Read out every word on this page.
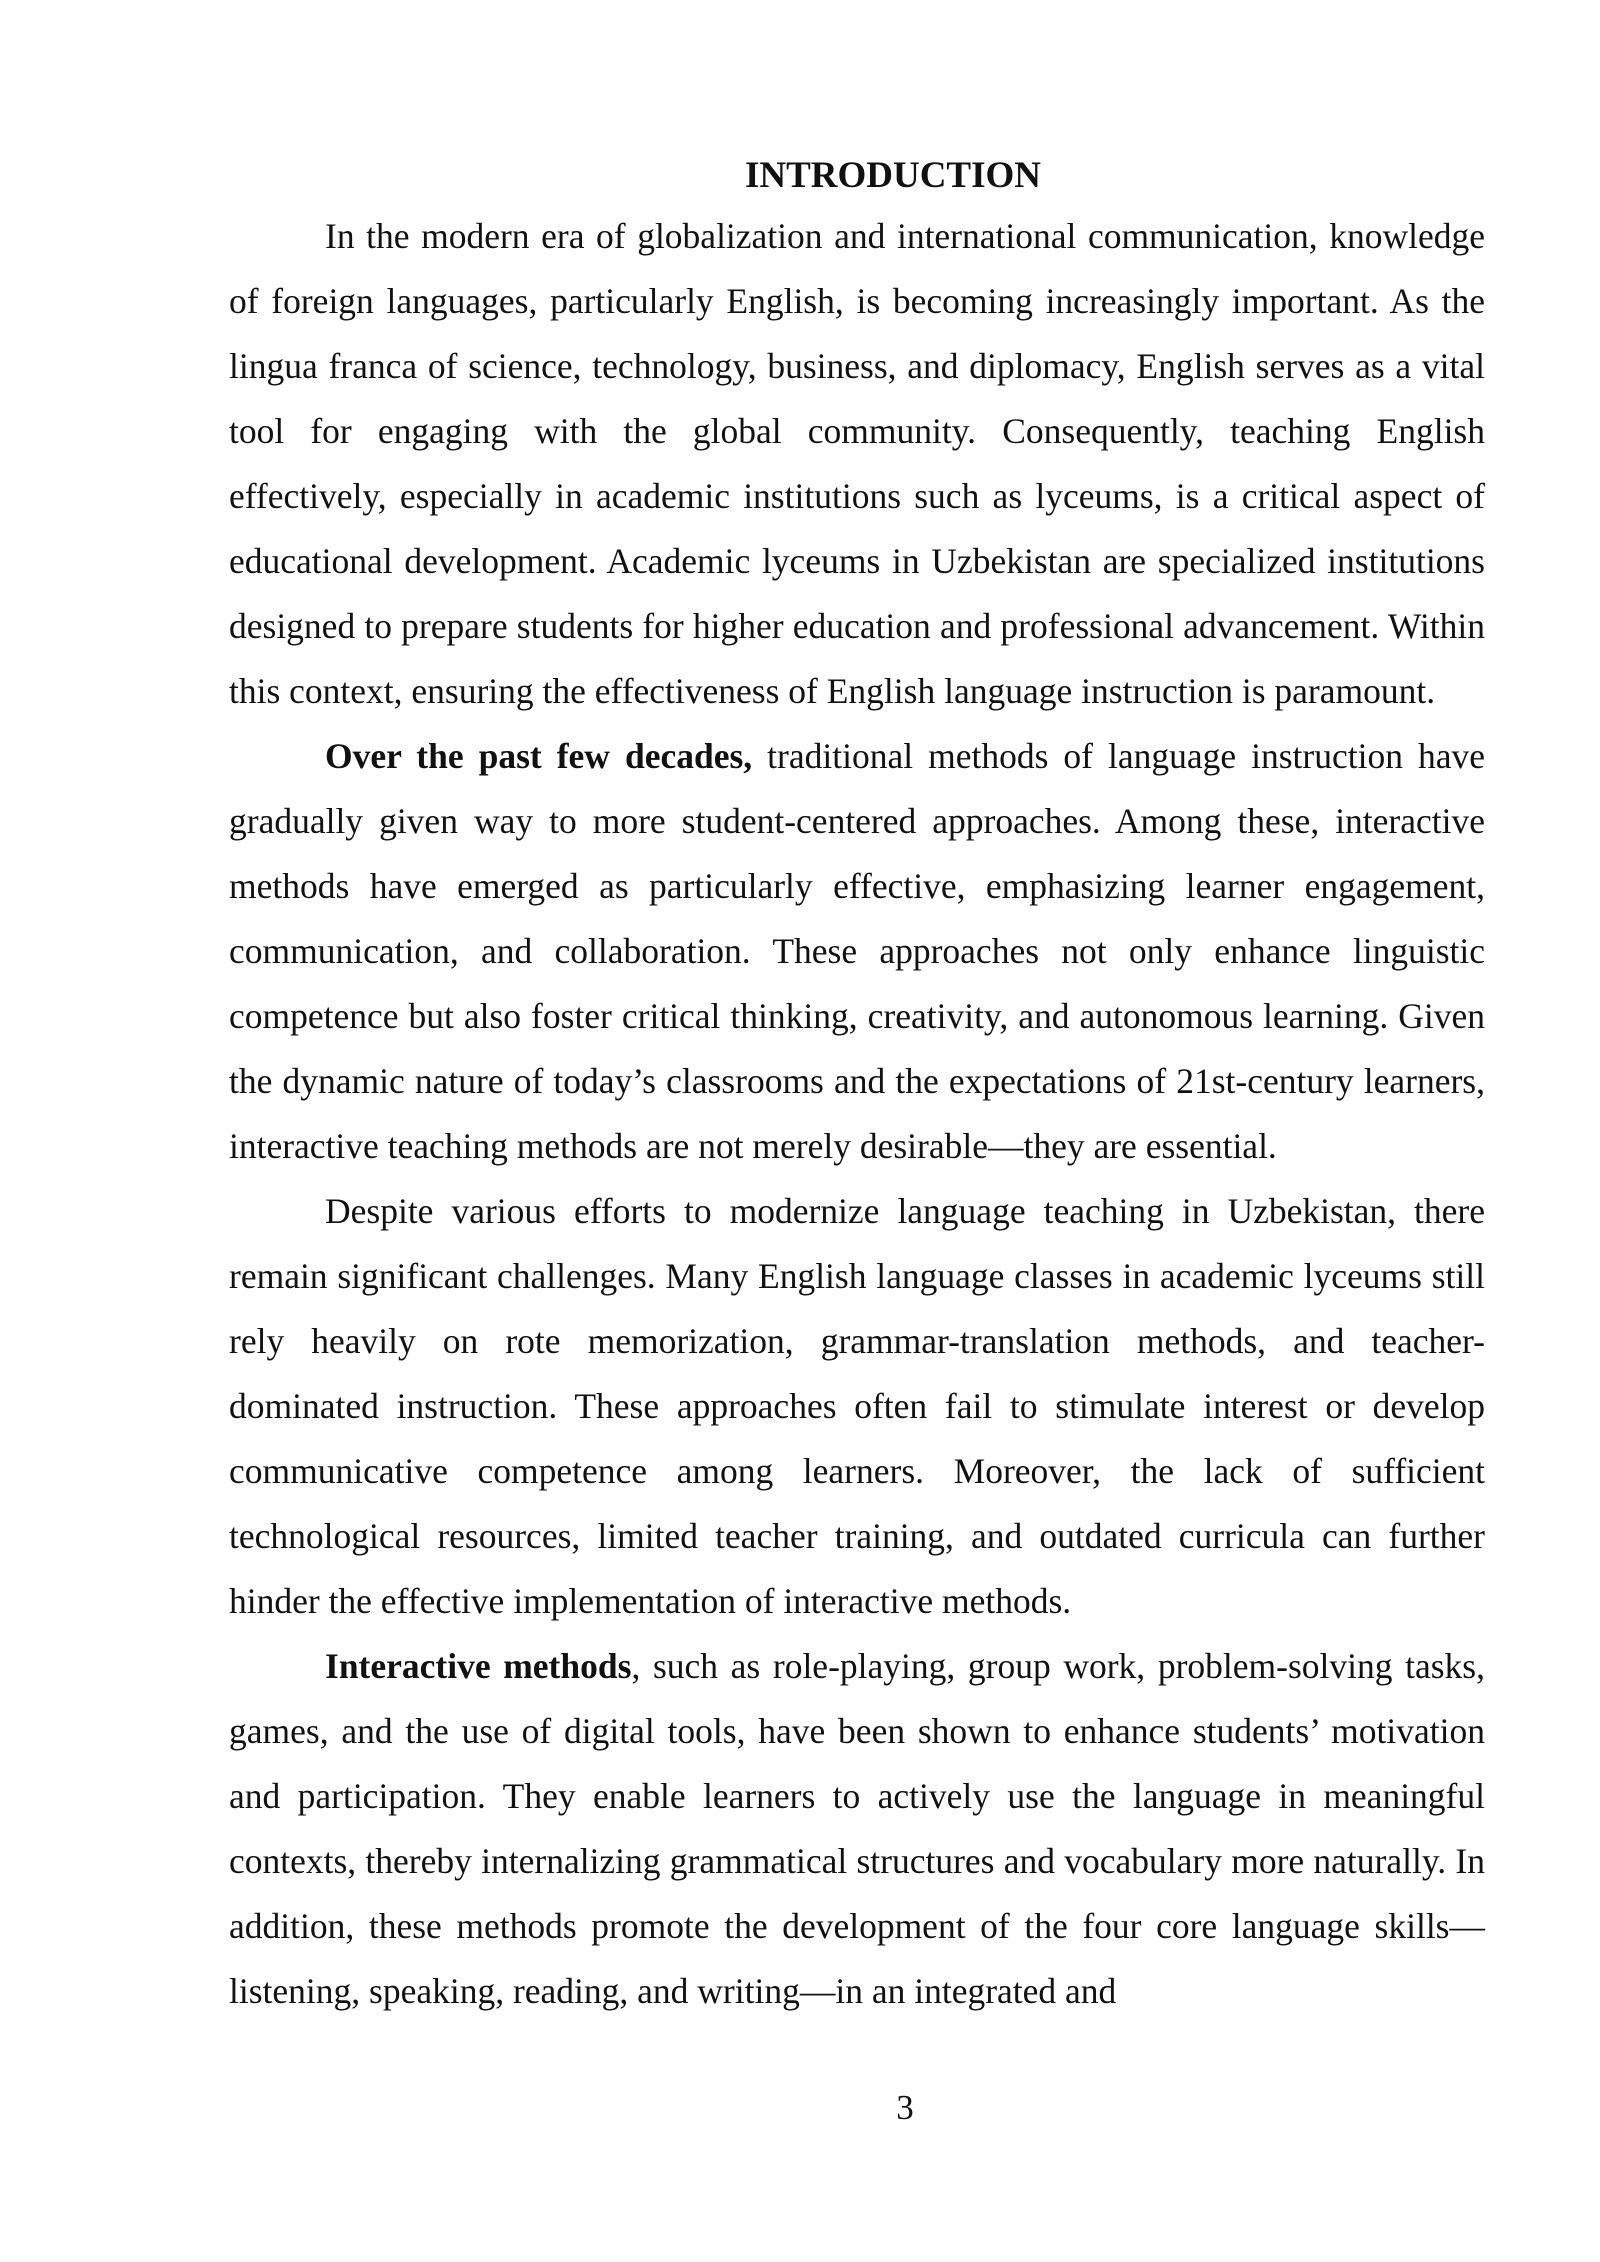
INTRODUCTION

In the modern era of globalization and international communication, knowledge of foreign languages, particularly English, is becoming increasingly important. As the lingua franca of science, technology, business, and diplomacy, English serves as a vital tool for engaging with the global community. Consequently, teaching English effectively, especially in academic institutions such as lyceums, is a critical aspect of educational development. Academic lyceums in Uzbekistan are specialized institutions designed to prepare students for higher education and professional advancement. Within this context, ensuring the effectiveness of English language instruction is paramount.

Over the past few decades, traditional methods of language instruction have gradually given way to more student-centered approaches. Among these, interactive methods have emerged as particularly effective, emphasizing learner engagement, communication, and collaboration. These approaches not only enhance linguistic competence but also foster critical thinking, creativity, and autonomous learning. Given the dynamic nature of today’s classrooms and the expectations of 21st-century learners, interactive teaching methods are not merely desirable—they are essential.

Despite various efforts to modernize language teaching in Uzbekistan, there remain significant challenges. Many English language classes in academic lyceums still rely heavily on rote memorization, grammar-translation methods, and teacher-dominated instruction. These approaches often fail to stimulate interest or develop communicative competence among learners. Moreover, the lack of sufficient technological resources, limited teacher training, and outdated curricula can further hinder the effective implementation of interactive methods.

Interactive methods, such as role-playing, group work, problem-solving tasks, games, and the use of digital tools, have been shown to enhance students’ motivation and participation. They enable learners to actively use the language in meaningful contexts, thereby internalizing grammatical structures and vocabulary more naturally. In addition, these methods promote the development of the four core language skills—listening, speaking, reading, and writing—in an integrated and

3
